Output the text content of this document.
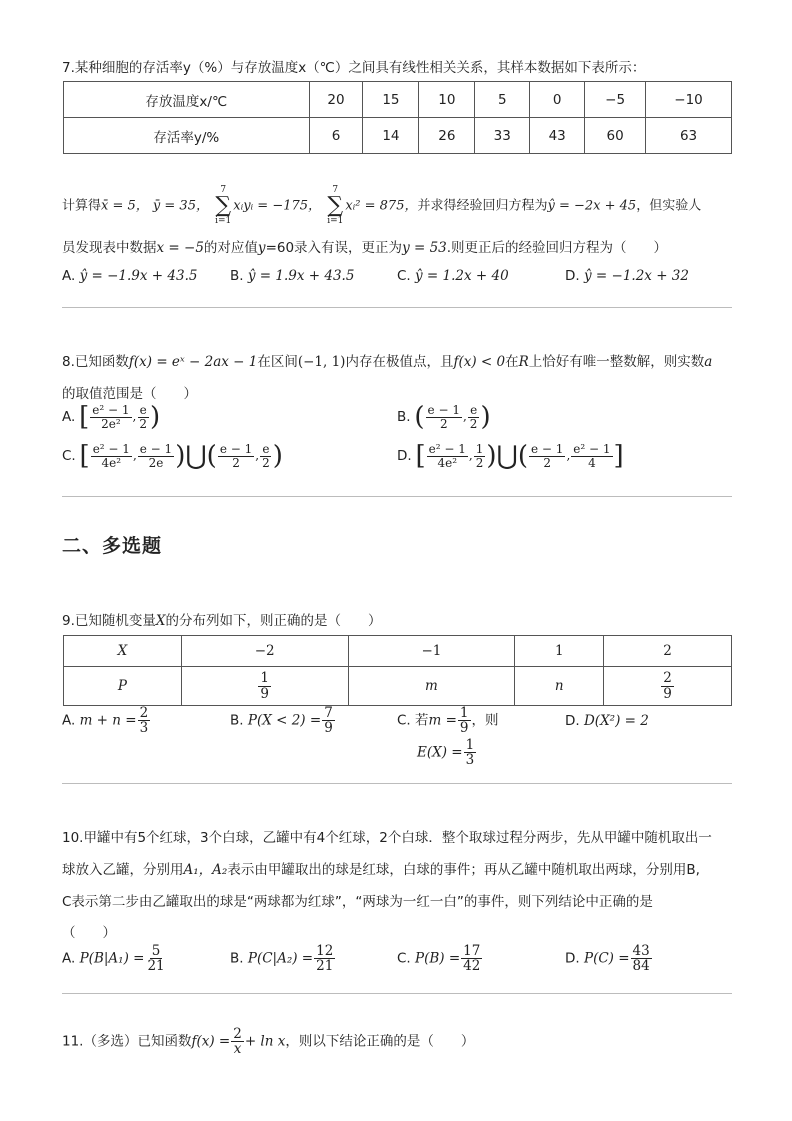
7.某种细胞的存活率y（%）与存放温度x（℃）之间具有线性相关关系，其样本数据如下表所示：
存放温度x/℃	20	15	10	5	0	−5	−10
存活率y/%	6	14	26	33	43	60	63
计算得x̄ = 5， ȳ = 35，
7
∑
i=1
xᵢyᵢ = −175，
7
∑
i=1
xᵢ² = 875，并求得经验回归方程为ŷ = −2x + 45，但实验人
员发现表中数据x = −5的对应值y=60录入有误，更正为y = 53.则更正后的经验回归方程为（　　）
A. ŷ = −1.9x + 43.5 B. ŷ = 1.9x + 43.5	C. ŷ = 1.2x + 40	D. ŷ = −1.2x + 32
8.已知函数f(x) = eˣ − 2ax − 1在区间(−1, 1)内存在极值点，且f(x) < 0在R上恰好有唯一整数解，则实数a
的取值范围是（　　）
A. [ $\frac{\text{e² − 1}}{\text{2e²}}$ , $\frac{e}{2}$ )	B. ( $\frac{e - 1}{2}$ , $\frac{e}{2}$ )
C. [ $\frac{\text{e² − 1}}{\text{4e²}}$ , $\frac{e - 1}{2e}$ )⋃( $\frac{e - 1}{2}$ , $\frac{e}{2}$ )	D. [ $\frac{\text{e² − 1}}{\text{4e²}}$ , $\frac{1}{2}$ )⋃( $\frac{e - 1}{2}$ , $\frac{\text{e² − 1}}{4}$ ]
二、多选题
9.已知随机变量X的分布列如下，则正确的是（　　）
X	−2	−1	1	2
P	$\frac{1}{9}$	m	n	$\frac{2}{9}$
A. $m + n = \frac{2}{3}$	B. $P(X < 2) = \frac{7}{9}$	C. 若$m = \frac{1}{9}$ ，则
$E(X) = \frac{1}{3}$
D. D(X²) = 2
10.甲罐中有5个红球，3个白球，乙罐中有4个红球，2个白球．整个取球过程分两步，先从甲罐中随机取出一
球放入乙罐，分别用A₁，A₂表示由甲罐取出的球是红球，白球的事件；再从乙罐中随机取出两球，分别用B,
C表示第二步由乙罐取出的球是“两球都为红球”，“两球为一红一白”的事件，则下列结论中正确的是
（　　）
A. $P(B|A_1) = \frac{5}{21}$	B. $P(C|A_2) = \frac{12}{21}$	C. $P(B) = \frac{17}{42}$	D. $P(C) = \frac{43}{84}$
11.（多选）已知函数$f(x) = \frac{2}{x} + \ln x$，则以下结论正确的是（　　）
